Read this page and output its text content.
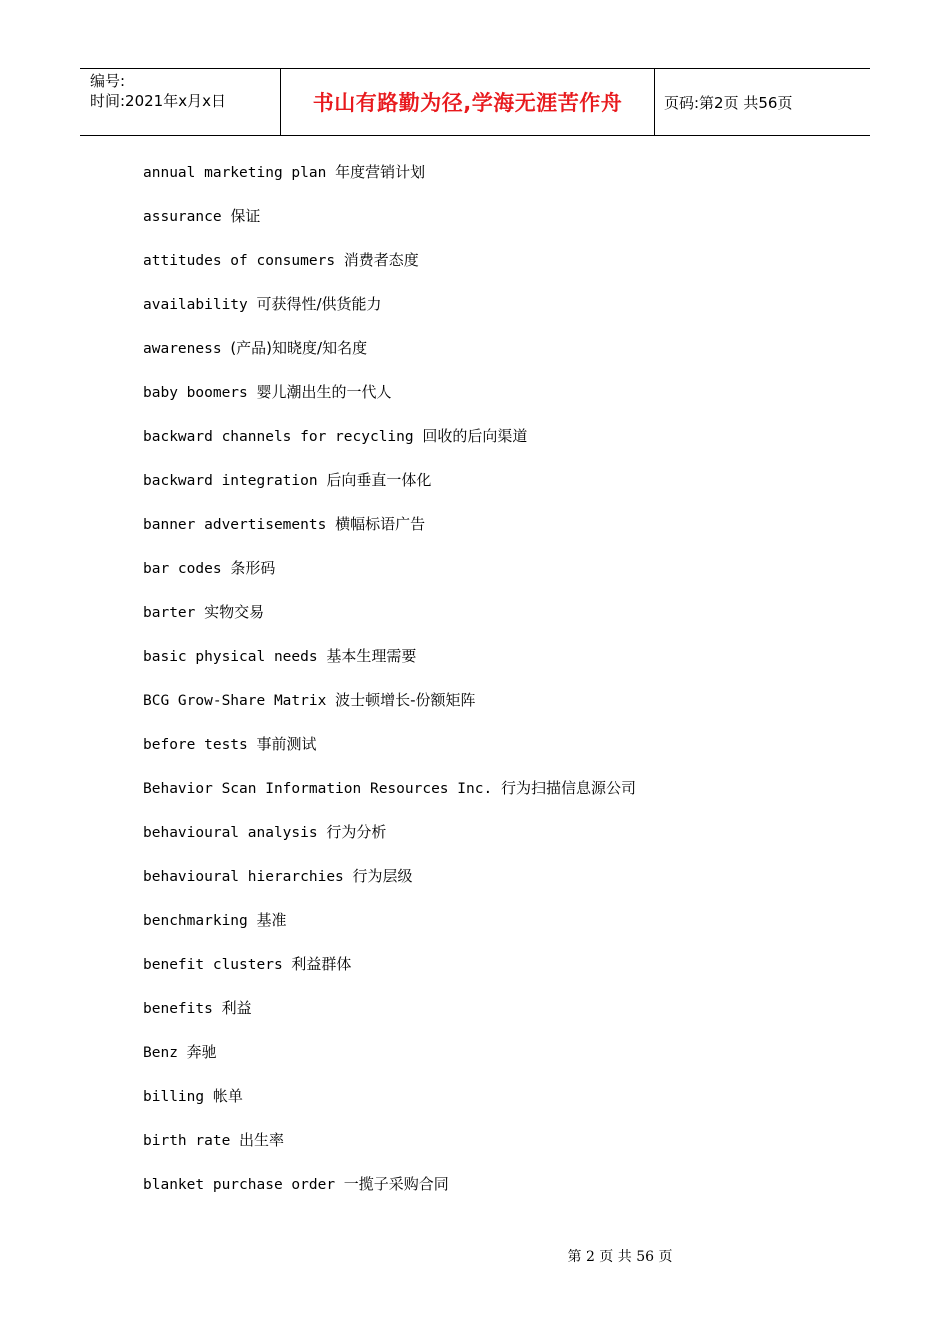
编号:
时间:2021年x月x日	书山有路勤为径,学海无涯苦作舟	页码:第2页 共56页
annual marketing plan 年度营销计划
assurance 保证
attitudes of consumers 消费者态度
availability 可获得性/供货能力
awareness (产品)知晓度/知名度
baby boomers 婴儿潮出生的一代人
backward channels for recycling 回收的后向渠道
backward integration 后向垂直一体化
banner advertisements 横幅标语广告
bar codes 条形码
barter 实物交易
basic physical needs 基本生理需要
BCG Grow-Share Matrix 波士顿增长-份额矩阵
before tests 事前测试
Behavior Scan Information Resources Inc. 行为扫描信息源公司
behavioural analysis 行为分析
behavioural hierarchies 行为层级
benchmarking 基准
benefit clusters 利益群体
benefits 利益
Benz 奔驰
billing 帐单
birth rate 出生率
blanket purchase order 一揽子采购合同
第 2 页 共 56 页
